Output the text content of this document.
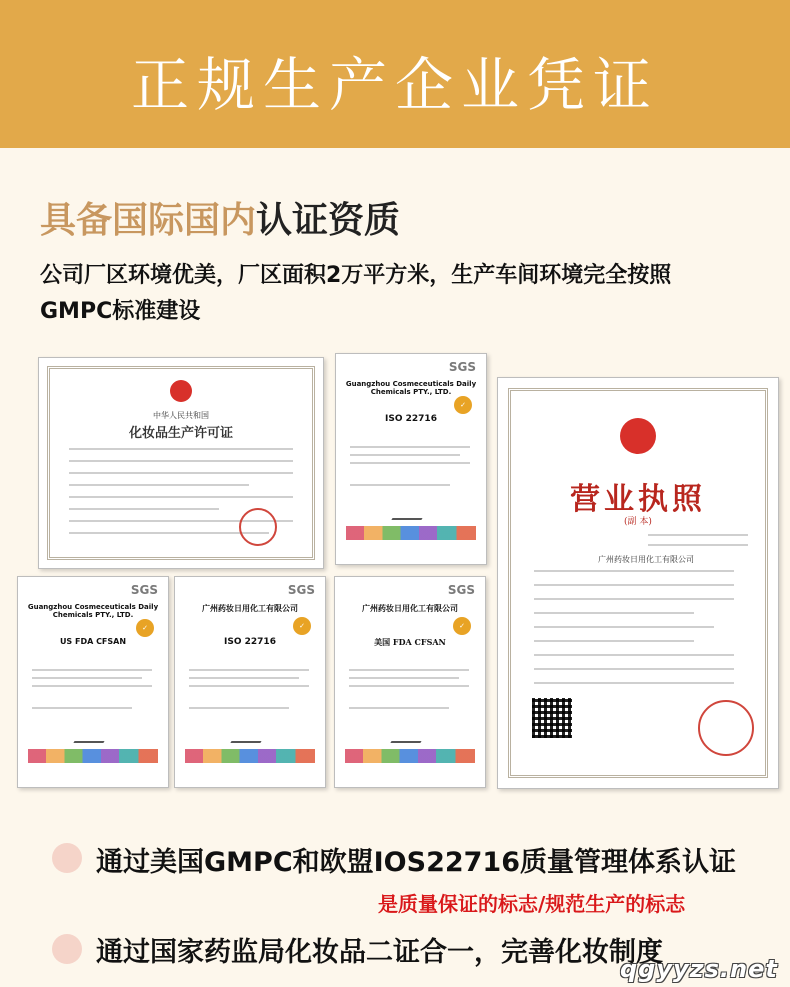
正规生产企业凭证
具备国际国内认证资质
公司厂区环境优美，厂区面积2万平方米，生产车间环境完全按照
GMPC标准建设
中华人民共和国
化妆品生产许可证
SGS
Guangzhou Cosmeceuticals Daily Chemicals PTY., LTD.
✓
ISO 22716
SGS
Guangzhou Cosmeceuticals Daily Chemicals PTY., LTD.
✓
US FDA CFSAN
SGS
广州药妆日用化工有限公司
✓
ISO 22716
SGS
广州药妆日用化工有限公司
✓
美国 FDA CFSAN
营业执照
(副 本)
广州药妆日用化工有限公司
通过美国GMPC和欧盟IOS22716质量管理体系认证
是质量保证的标志/规范生产的标志
通过国家药监局化妆品二证合一，完善化妆制度
qgyyzs.net
